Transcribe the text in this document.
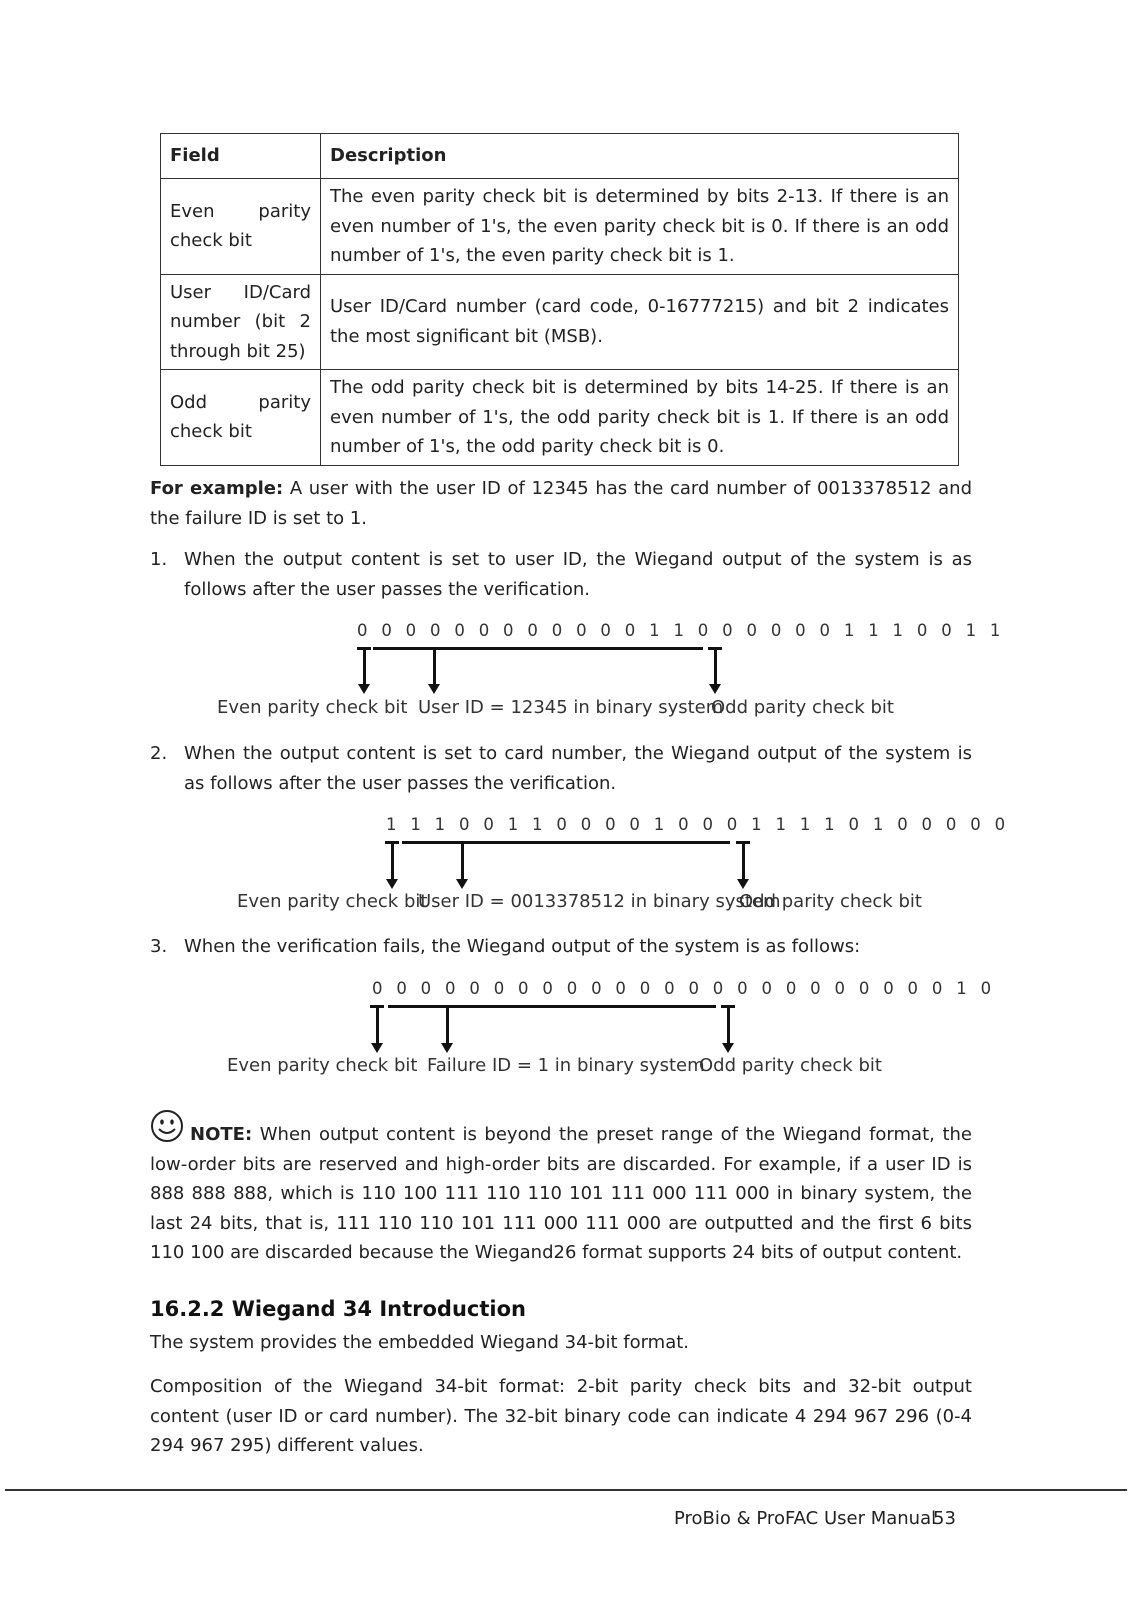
Field	Description
Even parity check bit	The even parity check bit is determined by bits 2-13. If there is an even number of 1's, the even parity check bit is 0. If there is an odd number of 1's, the even parity check bit is 1.
User ID/Card number (bit 2 through bit 25)	User ID/Card number (card code, 0-16777215) and bit 2 indicates the most significant bit (MSB).
Odd parity check bit	The odd parity check bit is determined by bits 14-25. If there is an even number of 1's, the odd parity check bit is 1. If there is an odd number of 1's, the odd parity check bit is 0.
For example: A user with the user ID of 12345 has the card number of 0013378512 and the failure ID is set to 1.
1. When the output content is set to user ID, the Wiegand output of the system is as follows after the user passes the verification.
0 0 0 0 0 0 0 0 0 0 0 0 1 1 0 0 0 0 0 0 1 1 1 0 0 1 1
Even parity check bit User ID = 12345 in binary system
Odd parity check bit
2. When the output content is set to card number, the Wiegand output of the system is as follows after the user passes the verification.
1 1 1 0 0 1 1 0 0 0 0 1 0 0 0 1 1 1 1 0 1 0 0 0 0 0
Even parity check bit
User ID = 0013378512 in binary system
Odd parity check bit
3. When the verification fails, the Wiegand output of the system is as follows:
0 0 0 0 0 0 0 0 0 0 0 0 0 0 0 0 0 0 0 0 0 0 0 0 1 0
Even parity check bit Failure ID = 1 in binary system
Odd parity check bit
NOTE: When output content is beyond the preset range of the Wiegand format, the low-order bits are reserved and high-order bits are discarded. For example, if a user ID is 888 888 888, which is 110 100 111 110 110 101 111 000 111 000 in binary system, the last 24 bits, that is, 111 110 110 101 111 000 111 000 are outputted and the first 6 bits 110 100 are discarded because the Wiegand26 format supports 24 bits of output content.
16.2.2 Wiegand 34 Introduction
The system provides the embedded Wiegand 34-bit format.
Composition of the Wiegand 34-bit format: 2-bit parity check bits and 32-bit output content (user ID or card number). The 32-bit binary code can indicate 4 294 967 296 (0-4 294 967 295) different values.
ProBio & ProFAC User Manual
53
